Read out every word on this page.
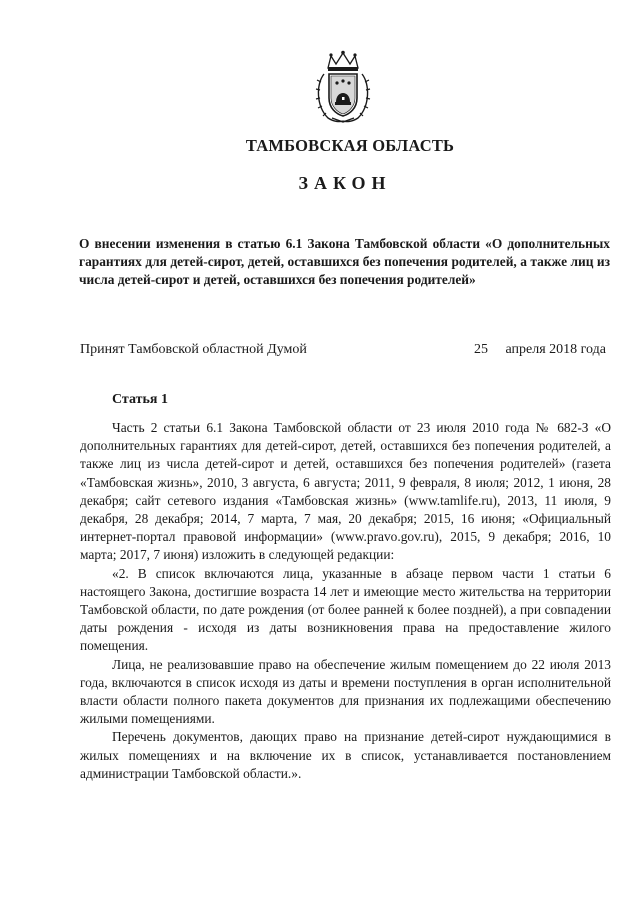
ТАМБОВСКАЯ ОБЛАСТЬ
ЗАКОН
О внесении изменения в статью 6.1 Закона Тамбовской области «О дополнительных гарантиях для детей-сирот, детей, оставшихся без попечения родителей, а также лиц из числа детей-сирот и детей, оставшихся без попечения родителей»
Принят Тамбовской областной Думой	25     апреля 2018 года
Статья 1

Часть 2 статьи 6.1 Закона Тамбовской области от 23 июля 2010 года № 682-З «О дополнительных гарантиях для детей-сирот, детей, оставшихся без попечения родителей, а также лиц из числа детей-сирот и детей, оставшихся без попечения родителей» (газета «Тамбовская жизнь», 2010, 3 августа, 6 августа; 2011, 9 февраля, 8 июля; 2012, 1 июня, 28 декабря; сайт сетевого издания «Тамбовская жизнь» (www.tamlife.ru), 2013, 11 июля, 9 декабря, 28 декабря; 2014, 7 марта, 7 мая, 20 декабря; 2015, 16 июня; «Официальный интернет-портал правовой информации» (www.pravo.gov.ru), 2015, 9 декабря; 2016, 10 марта; 2017, 7 июня) изложить в следующей редакции:

«2. В список включаются лица, указанные в абзаце первом части 1 статьи 6 настоящего Закона, достигшие возраста 14 лет и имеющие место жительства на территории Тамбовской области, по дате рождения (от более ранней к более поздней), а при совпадении даты рождения - исходя из даты возникновения права на предоставление жилого помещения.

Лица, не реализовавшие право на обеспечение жилым помещением до 22 июля 2013 года, включаются в список исходя из даты и времени поступления в орган исполнительной власти области полного пакета документов для признания их подлежащими обеспечению жилыми помещениями.

Перечень документов, дающих право на признание детей-сирот нуждающимися в жилых помещениях и на включение их в список, устанавливается постановлением администрации Тамбовской области.».
